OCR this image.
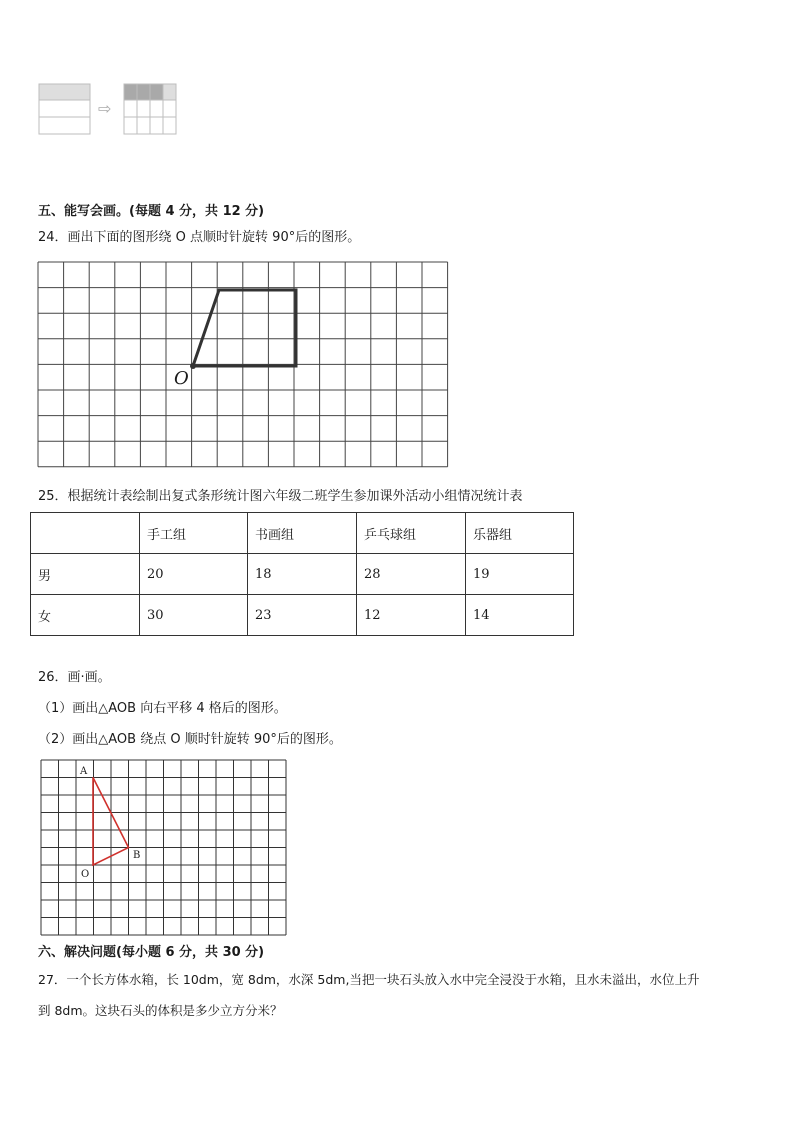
⇨
五、能写会画。(每题 4 分，共 12 分)
24．画出下面的图形绕 O 点顺时针旋转 90°后的图形。
O
25．根据统计表绘制出复式条形统计图六年级二班学生参加课外活动小组情况统计表
	手工组	书画组	乒乓球组	乐器组
男	20	18	28	19
女	30	23	12	14
26．画·画。
（1）画出△AOB 向右平移 4 格后的图形。
（2）画出△AOB 绕点 O 顺时针旋转 90°后的图形。
A
B
O
六、解决问题(每小题 6 分，共 30 分)
27．一个长方体水箱，长 10dm，宽 8dm，水深 5dm,当把一块石头放入水中完全浸没于水箱，且水未溢出，水位上升
到 8dm。这块石头的体积是多少立方分米？
